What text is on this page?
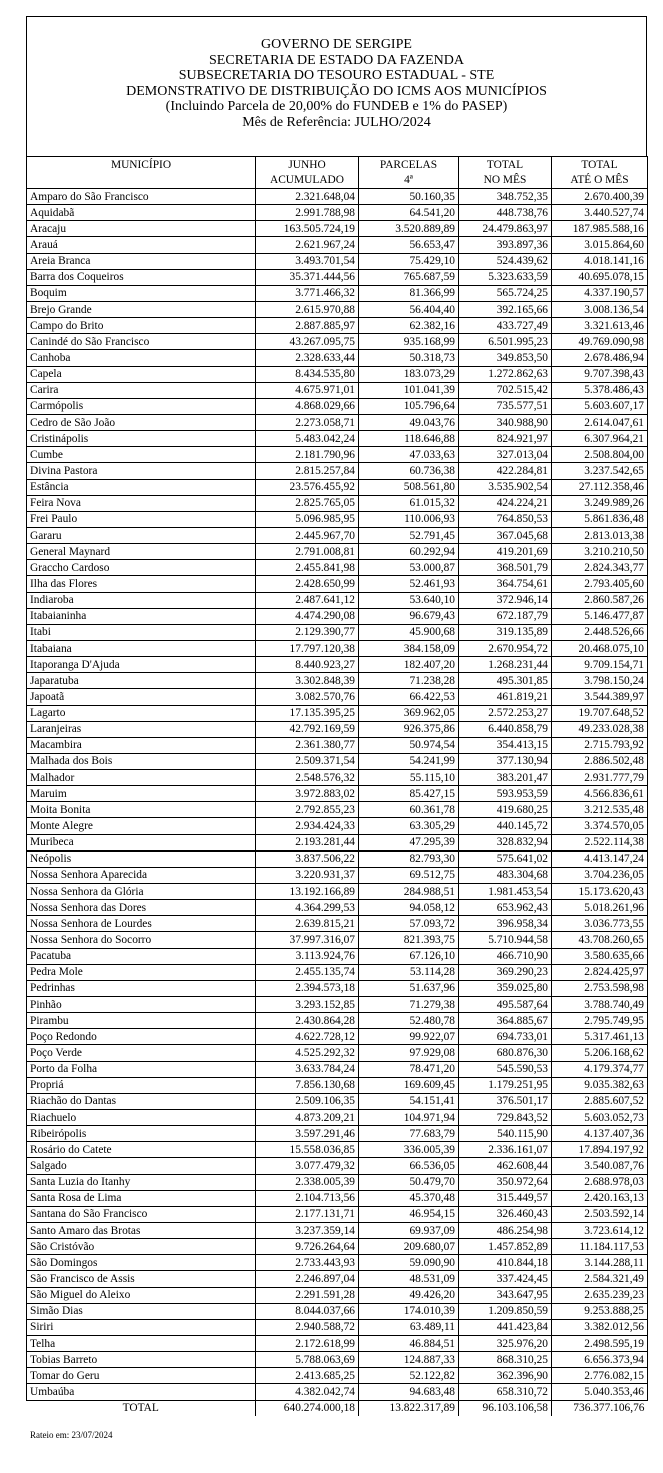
GOVERNO DE SERGIPE
SECRETARIA DE ESTADO DA FAZENDA
SUBSECRETARIA DO TESOURO ESTADUAL - STE
DEMONSTRATIVO DE DISTRIBUIÇÃO DO ICMS AOS MUNICÍPIOS
(Incluindo Parcela de 20,00% do FUNDEB e 1% do PASEP)
Mês de Referência: JULHO/2024
MUNICÍPIO	JUNHO	PARCELAS	TOTAL	TOTAL
	ACUMULADO	4ª	NO MÊS	ATÉ O MÊS
Amparo do São Francisco	2.321.648,04	50.160,35	348.752,35	2.670.400,39
Aquidabã	2.991.788,98	64.541,20	448.738,76	3.440.527,74
Aracaju	163.505.724,19	3.520.889,89	24.479.863,97	187.985.588,16
Arauá	2.621.967,24	56.653,47	393.897,36	3.015.864,60
Areia Branca	3.493.701,54	75.429,10	524.439,62	4.018.141,16
Barra dos Coqueiros	35.371.444,56	765.687,59	5.323.633,59	40.695.078,15
Boquim	3.771.466,32	81.366,99	565.724,25	4.337.190,57
Brejo Grande	2.615.970,88	56.404,40	392.165,66	3.008.136,54
Campo do Brito	2.887.885,97	62.382,16	433.727,49	3.321.613,46
Canindé do São Francisco	43.267.095,75	935.168,99	6.501.995,23	49.769.090,98
Canhoba	2.328.633,44	50.318,73	349.853,50	2.678.486,94
Capela	8.434.535,80	183.073,29	1.272.862,63	9.707.398,43
Carira	4.675.971,01	101.041,39	702.515,42	5.378.486,43
Carmópolis	4.868.029,66	105.796,64	735.577,51	5.603.607,17
Cedro de São João	2.273.058,71	49.043,76	340.988,90	2.614.047,61
Cristinápolis	5.483.042,24	118.646,88	824.921,97	6.307.964,21
Cumbe	2.181.790,96	47.033,63	327.013,04	2.508.804,00
Divina Pastora	2.815.257,84	60.736,38	422.284,81	3.237.542,65
Estância	23.576.455,92	508.561,80	3.535.902,54	27.112.358,46
Feira Nova	2.825.765,05	61.015,32	424.224,21	3.249.989,26
Frei Paulo	5.096.985,95	110.006,93	764.850,53	5.861.836,48
Gararu	2.445.967,70	52.791,45	367.045,68	2.813.013,38
General Maynard	2.791.008,81	60.292,94	419.201,69	3.210.210,50
Graccho Cardoso	2.455.841,98	53.000,87	368.501,79	2.824.343,77
Ilha das Flores	2.428.650,99	52.461,93	364.754,61	2.793.405,60
Indiaroba	2.487.641,12	53.640,10	372.946,14	2.860.587,26
Itabaianinha	4.474.290,08	96.679,43	672.187,79	5.146.477,87
Itabi	2.129.390,77	45.900,68	319.135,89	2.448.526,66
Itabaiana	17.797.120,38	384.158,09	2.670.954,72	20.468.075,10
Itaporanga D'Ajuda	8.440.923,27	182.407,20	1.268.231,44	9.709.154,71
Japaratuba	3.302.848,39	71.238,28	495.301,85	3.798.150,24
Japoatã	3.082.570,76	66.422,53	461.819,21	3.544.389,97
Lagarto	17.135.395,25	369.962,05	2.572.253,27	19.707.648,52
Laranjeiras	42.792.169,59	926.375,86	6.440.858,79	49.233.028,38
Macambira	2.361.380,77	50.974,54	354.413,15	2.715.793,92
Malhada dos Bois	2.509.371,54	54.241,99	377.130,94	2.886.502,48
Malhador	2.548.576,32	55.115,10	383.201,47	2.931.777,79
Maruim	3.972.883,02	85.427,15	593.953,59	4.566.836,61
Moita Bonita	2.792.855,23	60.361,78	419.680,25	3.212.535,48
Monte Alegre	2.934.424,33	63.305,29	440.145,72	3.374.570,05
Muribeca	2.193.281,44	47.295,39	328.832,94	2.522.114,38
Neópolis	3.837.506,22	82.793,30	575.641,02	4.413.147,24
Nossa Senhora Aparecida	3.220.931,37	69.512,75	483.304,68	3.704.236,05
Nossa Senhora da Glória	13.192.166,89	284.988,51	1.981.453,54	15.173.620,43
Nossa Senhora das Dores	4.364.299,53	94.058,12	653.962,43	5.018.261,96
Nossa Senhora de Lourdes	2.639.815,21	57.093,72	396.958,34	3.036.773,55
Nossa Senhora do Socorro	37.997.316,07	821.393,75	5.710.944,58	43.708.260,65
Pacatuba	3.113.924,76	67.126,10	466.710,90	3.580.635,66
Pedra Mole	2.455.135,74	53.114,28	369.290,23	2.824.425,97
Pedrinhas	2.394.573,18	51.637,96	359.025,80	2.753.598,98
Pinhão	3.293.152,85	71.279,38	495.587,64	3.788.740,49
Pirambu	2.430.864,28	52.480,78	364.885,67	2.795.749,95
Poço Redondo	4.622.728,12	99.922,07	694.733,01	5.317.461,13
Poço Verde	4.525.292,32	97.929,08	680.876,30	5.206.168,62
Porto da Folha	3.633.784,24	78.471,20	545.590,53	4.179.374,77
Propriá	7.856.130,68	169.609,45	1.179.251,95	9.035.382,63
Riachão do Dantas	2.509.106,35	54.151,41	376.501,17	2.885.607,52
Riachuelo	4.873.209,21	104.971,94	729.843,52	5.603.052,73
Ribeirópolis	3.597.291,46	77.683,79	540.115,90	4.137.407,36
Rosário do Catete	15.558.036,85	336.005,39	2.336.161,07	17.894.197,92
Salgado	3.077.479,32	66.536,05	462.608,44	3.540.087,76
Santa Luzia do Itanhy	2.338.005,39	50.479,70	350.972,64	2.688.978,03
Santa Rosa de Lima	2.104.713,56	45.370,48	315.449,57	2.420.163,13
Santana do São Francisco	2.177.131,71	46.954,15	326.460,43	2.503.592,14
Santo Amaro das Brotas	3.237.359,14	69.937,09	486.254,98	3.723.614,12
São Cristóvão	9.726.264,64	209.680,07	1.457.852,89	11.184.117,53
São Domingos	2.733.443,93	59.090,90	410.844,18	3.144.288,11
São Francisco de Assis	2.246.897,04	48.531,09	337.424,45	2.584.321,49
São Miguel do Aleixo	2.291.591,28	49.426,20	343.647,95	2.635.239,23
Simão Dias	8.044.037,66	174.010,39	1.209.850,59	9.253.888,25
Siriri	2.940.588,72	63.489,11	441.423,84	3.382.012,56
Telha	2.172.618,99	46.884,51	325.976,20	2.498.595,19
Tobias Barreto	5.788.063,69	124.887,33	868.310,25	6.656.373,94
Tomar do Geru	2.413.685,25	52.122,82	362.396,90	2.776.082,15
Umbaúba	4.382.042,74	94.683,48	658.310,72	5.040.353,46
TOTAL	640.274.000,18	13.822.317,89	96.103.106,58	736.377.106,76
Rateio em: 23/07/2024
